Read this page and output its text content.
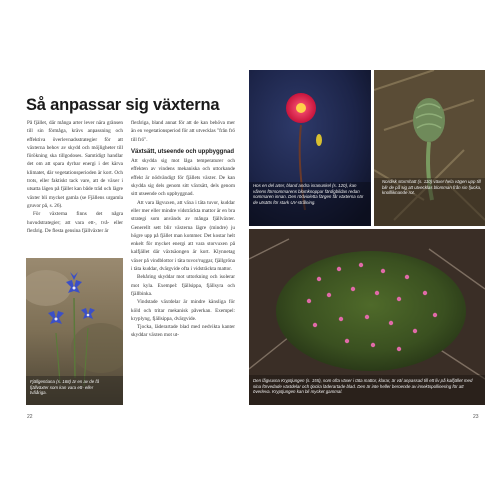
Så anpassar sig växterna

På fjället, där många arter lever nära gränsen till sin förmåga, krävs anpassning och effektiva överlevnadsstrategier för att växterna behov av skydd och möjligheter till förökning ska tillgodoses. Samtidigt handlar det om att spara dyrbar energi i det kärva klimatet, där vegetationsperioden är kort. Och trots, eller faktiskt tack vare, att de växer i utsatta lägen på fjället kan både träd och lägre växter bli mycket gamla (se Fjällens urgamla gruvor på, s. 26).

För växterna finns det några huvudstrategier; att vara ett-, två- eller flerårig. De flesta gensina fjällväxter är

fleråriga, bland annat för att de kan behöva mer än en vegetationsperiod för att utvecklas "från frö till frö".

Växtsätt, utseende och uppbyggnad

Att skydda sig mot låga temperaturer och effekten av vindens mekaniska och uttorkande effekt är nödvändigt för fjällets växter. De kan skydda sig dels genom sitt växtsätt, dels genom sitt utseende och uppbyggnad.

Att vara lågvuxen, att växa i täta tuvor, kuddar eller mer eller mindre vidsträckta mattor är en bra strategi som används av många fjällväxter. Generellt sett blir växterna lägre (mindre) ju högre upp på fjället man kommer. Det kostar helt enkelt för mycket energi att vara storvuxen på kalfjället där växtsäongen är kort. Klynnetag växer på vindblottor i täta tuvor/ruggar, fjällgröna i täta kuddar, dvärgvide ofta i vidsträckta mattor.

Behåring skyddar mot uttorkning och isolerar mot kyla. Exempel: fjällsippa, fjällsyra och fjällbinka.

Vindstade växtdelar är mindre känsliga för köld och tritar mekanisk påverkan. Exempel: kryplyng, fjällsippa, dvärgvide.

Tjocka, läderartade blad med nedvikta kanter skyddar växten mot ut-

Fjällgentiana (s. 168) är en av de få fjällväxter som kan vara ett- eller tvååriga.
Hos en del arter, bland andra isranunkel (s. 120), kan vårens förrsommarens blomknoppar färdigbildas redan sommaren innan. Den rödvioletta färgen får växterna när de utsätts för stark UV-strålning.
Nordisk stormhatt (s. 110) växer hela vägen upp till blir de på sig att utvecklas blomman från sin fjucka, knollliknande rot.
Den lågvuxna Kryptjungen (s. 155), som ofta växer i täta mattor, klarar, är väl anpassad till ett liv på kalfjället med sina förvedade växtdelar och tjocka läderartade blad. Den är inte heller beroende av insektspollinering för att överleva. Kryptjungen kan bli mycket gammal.
22	23
